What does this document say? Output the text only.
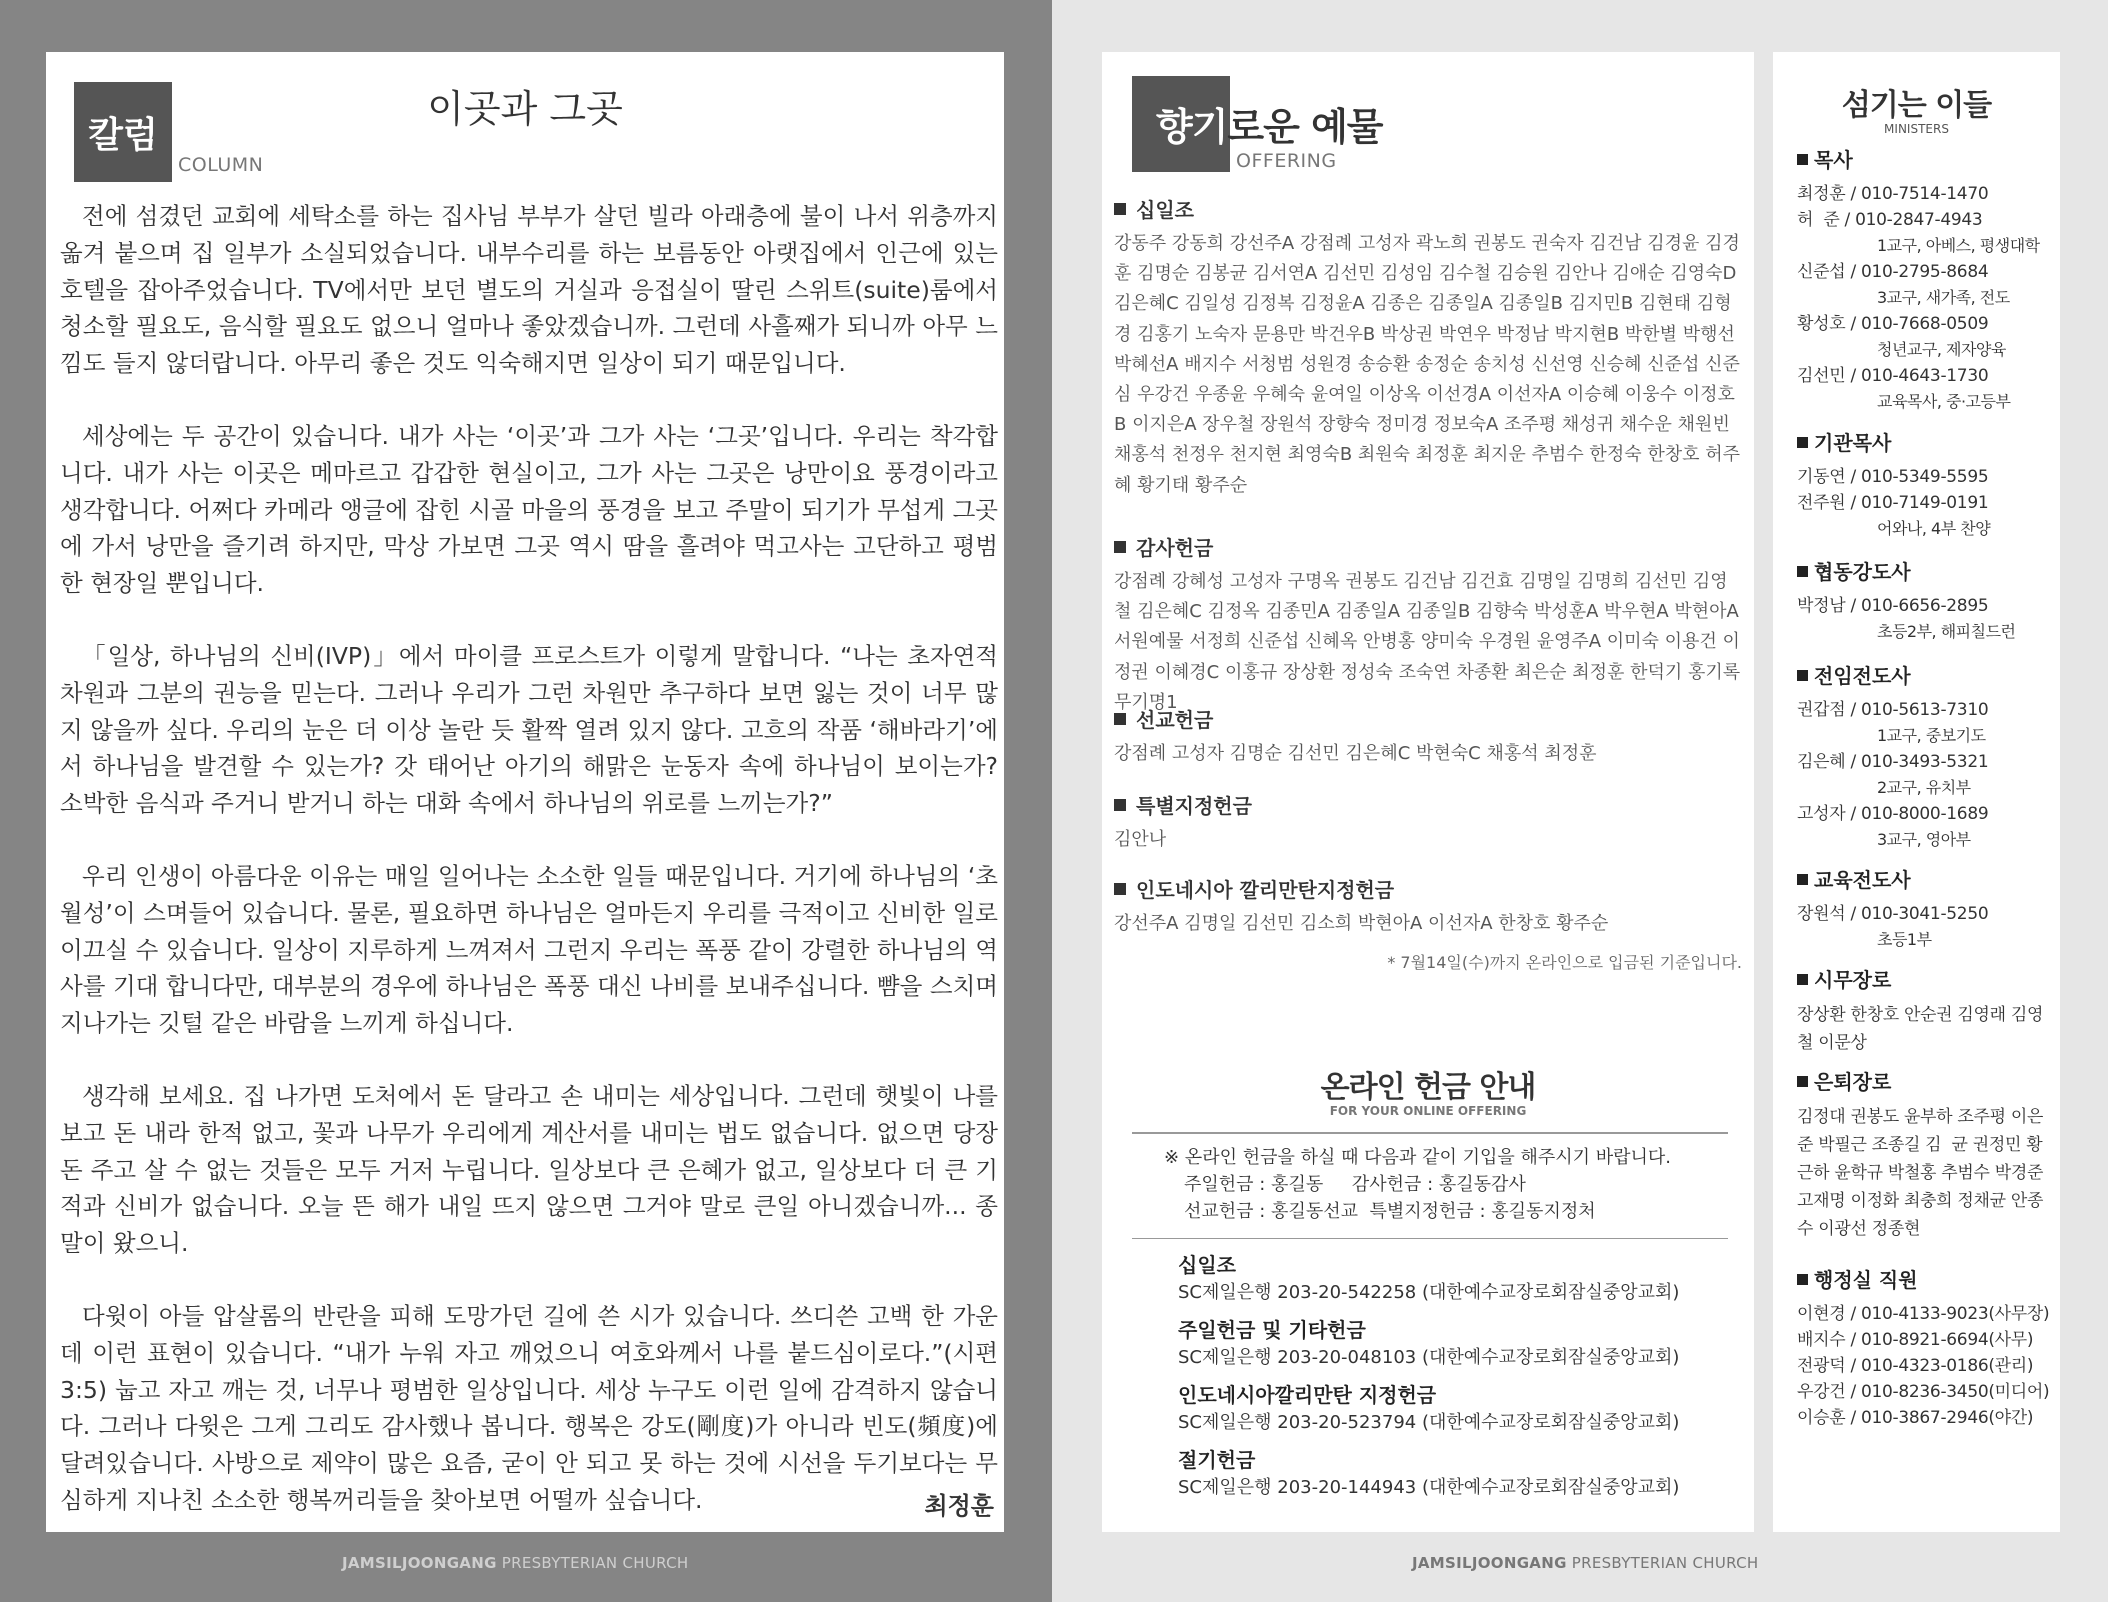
칼럼
COLUMN
이곳과 그곳

전에 섬겼던 교회에 세탁소를 하는 집사님 부부가 살던 빌라 아래층에 불이 나서 위층까지 옮겨 붙으며 집 일부가 소실되었습니다. 내부수리를 하는 보름동안 아랫집에서 인근에 있는 호텔을 잡아주었습니다. TV에서만 보던 별도의 거실과 응접실이 딸린 스위트(suite)룸에서 청소할 필요도, 음식할 필요도 없으니 얼마나 좋았겠습니까. 그런데 사흘째가 되니까 아무 느낌도 들지 않더랍니다. 아무리 좋은 것도 익숙해지면 일상이 되기 때문입니다.

세상에는 두 공간이 있습니다. 내가 사는 ‘이곳’과 그가 사는 ‘그곳’입니다. 우리는 착각합니다. 내가 사는 이곳은 메마르고 갑갑한 현실이고, 그가 사는 그곳은 낭만이요 풍경이라고 생각합니다. 어쩌다 카메라 앵글에 잡힌 시골 마을의 풍경을 보고 주말이 되기가 무섭게 그곳에 가서 낭만을 즐기려 하지만, 막상 가보면 그곳 역시 땀을 흘려야 먹고사는 고단하고 평범한 현장일 뿐입니다.

「일상, 하나님의 신비(IVP)」에서 마이클 프로스트가 이렇게 말합니다. “나는 초자연적 차원과 그분의 권능을 믿는다. 그러나 우리가 그런 차원만 추구하다 보면 잃는 것이 너무 많지 않을까 싶다. 우리의 눈은 더 이상 놀란 듯 활짝 열려 있지 않다. 고흐의 작품 ‘해바라기’에서 하나님을 발견할 수 있는가? 갓 태어난 아기의 해맑은 눈동자 속에 하나님이 보이는가? 소박한 음식과 주거니 받거니 하는 대화 속에서 하나님의 위로를 느끼는가?”

우리 인생이 아름다운 이유는 매일 일어나는 소소한 일들 때문입니다. 거기에 하나님의 ‘초월성’이 스며들어 있습니다. 물론, 필요하면 하나님은 얼마든지 우리를 극적이고 신비한 일로 이끄실 수 있습니다. 일상이 지루하게 느껴져서 그런지 우리는 폭풍 같이 강렬한 하나님의 역사를 기대 합니다만, 대부분의 경우에 하나님은 폭풍 대신 나비를 보내주십니다. 뺨을 스치며 지나가는 깃털 같은 바람을 느끼게 하십니다.

생각해 보세요. 집 나가면 도처에서 돈 달라고 손 내미는 세상입니다. 그런데 햇빛이 나를 보고 돈 내라 한적 없고, 꽃과 나무가 우리에게 계산서를 내미는 법도 없습니다. 없으면 당장 돈 주고 살 수 없는 것들은 모두 거저 누립니다. 일상보다 큰 은혜가 없고, 일상보다 더 큰 기적과 신비가 없습니다. 오늘 뜬 해가 내일 뜨지 않으면 그거야 말로 큰일 아니겠습니까... 종말이 왔으니.

다윗이 아들 압살롬의 반란을 피해 도망가던 길에 쓴 시가 있습니다. 쓰디쓴 고백 한 가운데 이런 표현이 있습니다. “내가 누워 자고 깨었으니 여호와께서 나를 붙드심이로다.”(시편 3:5) 눕고 자고 깨는 것, 너무나 평범한 일상입니다. 세상 누구도 이런 일에 감격하지 않습니다. 그러나 다윗은 그게 그리도 감사했나 봅니다. 행복은 강도(剛度)가 아니라 빈도(頻度)에 달려있습니다. 사방으로 제약이 많은 요즘, 굳이 안 되고 못 하는 것에 시선을 두기보다는 무심하게 지나친 소소한 행복꺼리들을 찾아보면 어떨까 싶습니다.	최정훈
향기로운 예물
OFFERING
십일조
강동주 강동희 강선주A 강점례 고성자 곽노희 권봉도 권숙자 김건남 김경윤 김경훈 김명순 김봉균 김서연A 김선민 김성임 김수철 김승원 김안나 김애순 김영숙D 김은혜C 김일성 김정복 김정윤A 김종은 김종일A 김종일B 김지민B 김현태 김형경 김홍기 노숙자 문용만 박건우B 박상권 박연우 박정남 박지현B 박한별 박행선 박혜선A 배지수 서청범 성원경 송승환 송정순 송치성 신선영 신승혜 신준섭 신준심 우강건 우종윤 우혜숙 윤여일 이상옥 이선경A 이선자A 이승혜 이웅수 이정호B 이지은A 장우철 장원석 장향숙 정미경 정보숙A 조주평 채성귀 채수운 채원빈 채홍석 천정우 천지현 최영숙B 최원숙 최정훈 최지운 추범수 한정숙 한창호 허주혜 황기태 황주순
감사헌금
강점례 강혜성 고성자 구명옥 권봉도 김건남 김건효 김명일 김명희 김선민 김영철 김은혜C 김정옥 김종민A 김종일A 김종일B 김향숙 박성훈A 박우현A 박현아A 서원예물 서정희 신준섭 신혜옥 안병홍 양미숙 우경원 윤영주A 이미숙 이용건 이정권 이혜경C 이홍규 장상환 정성숙 조숙연 차종환 최은순 최정훈 한덕기 홍기록 무기명1
선교헌금
강점례 고성자 김명순 김선민 김은혜C 박현숙C 채홍석 최정훈
특별지정헌금
김안나
인도네시아 깔리만탄지정헌금
강선주A 김명일 김선민 김소희 박현아A 이선자A 한창호 황주순
* 7월14일(수)까지 온라인으로 입금된 기준입니다.
온라인 헌금 안내
FOR YOUR ONLINE OFFERING
※ 온라인 헌금을 하실 때 다음과 같이 기입을 해주시기 바랍니다.
주일헌금 : 홍길동     감사헌금 : 홍길동감사
선교헌금 : 홍길동선교  특별지정헌금 : 홍길동지정처
십일조
SC제일은행 203-20-542258 (대한예수교장로회잠실중앙교회)
주일헌금 및 기타헌금
SC제일은행 203-20-048103 (대한예수교장로회잠실중앙교회)
인도네시아깔리만탄 지정헌금
SC제일은행 203-20-523794 (대한예수교장로회잠실중앙교회)
절기헌금
SC제일은행 203-20-144943 (대한예수교장로회잠실중앙교회)
섬기는 이들
MINISTERS
목사
최정훈 / 010-7514-1470
허  준 / 010-2847-4943
1교구, 아베스, 평생대학
신준섭 / 010-2795-8684
3교구, 새가족, 전도
황성호 / 010-7668-0509
청년교구, 제자양육
김선민 / 010-4643-1730
교육목사, 중·고등부
기관목사
기동연 / 010-5349-5595
전주원 / 010-7149-0191
어와나, 4부 찬양
협동강도사
박정남 / 010-6656-2895
초등2부, 해피칠드런
전임전도사
권갑점 / 010-5613-7310
1교구, 중보기도
김은혜 / 010-3493-5321
2교구, 유치부
고성자 / 010-8000-1689
3교구, 영아부
교육전도사
장원석 / 010-3041-5250
초등1부
시무장로
장상환 한창호 안순권 김영래 김영철 이문상
은퇴장로
김정대 권봉도 윤부하 조주평 이은준 박필근 조종길 김  균 권정민 황근하 윤학규 박철홍 추범수 박경준 고재명 이정화 최충희 정채균 안종수 이광선 정종현
행정실 직원
이현경 / 010-4133-9023(사무장)
배지수 / 010-8921-6694(사무)
전광덕 / 010-4323-0186(관리)
우강건 / 010-8236-3450(미디어)
이승훈 / 010-3867-2946(야간)
JAMSILJOONGANG PRESBYTERIAN CHURCH	JAMSILJOONGANG PRESBYTERIAN CHURCH
